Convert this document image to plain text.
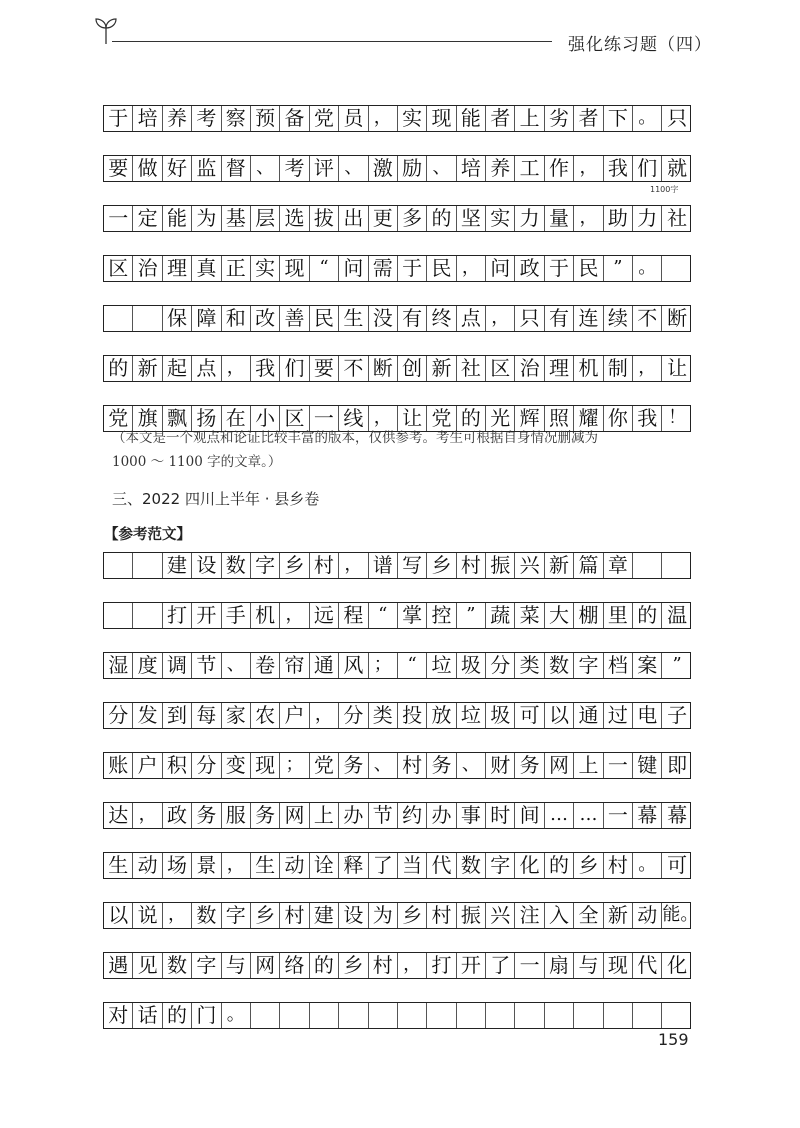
强化练习题（四）
于 培 养 考 察 预 备 党 员 ， 实 现 能 者 上 劣 者 下 。 只
要 做 好 监 督 、 考 评 、 激 励 、 培 养 工 作 ， 我 们 就
一 定 能 为 基 层 选 拔 出 更 多 的 坚 实 力 量 ， 助 力 社
区 治 理 真 正 实 现 “ 问 需 于 民 ， 问 政 于 民 ” 。
保 障 和 改 善 民 生 没 有 终 点 ， 只 有 连 续 不 断
的 新 起 点 ， 我 们 要 不 断 创 新 社 区 治 理 机 制 ， 让
党 旗 飘 扬 在 小 区 一 线 ， 让 党 的 光 辉 照 耀 你 我 ！
1100字
（本文是一个观点和论证比较丰富的版本，仅供参考。考生可根据自身情况删减为
1000 ～ 1100 字的文章。）
三、2022 四川上半年 · 县乡卷
【参考范文】
建 设 数 字 乡 村 ， 谱 写 乡 村 振 兴 新 篇 章
打 开 手 机 ， 远 程 “ 掌 控 ” 蔬 菜 大 棚 里 的 温
湿 度 调 节 、 卷 帘 通 风 ； “ 垃 圾 分 类 数 字 档 案 ”
分 发 到 每 家 农 户 ， 分 类 投 放 垃 圾 可 以 通 过 电 子
账 户 积 分 变 现 ； 党 务 、 村 务 、 财 务 网 上 一 键 即
达 ， 政 务 服 务 网 上 办 节 约 办 事 时 间 … … 一 幕 幕
生 动 场 景 ， 生 动 诠 释 了 当 代 数 字 化 的 乡 村 。 可
以 说 ， 数 字 乡 村 建 设 为 乡 村 振 兴 注 入 全 新 动 能。
遇 见 数 字 与 网 络 的 乡 村 ， 打 开 了 一 扇 与 现 代 化
对 话 的 门 。
159
